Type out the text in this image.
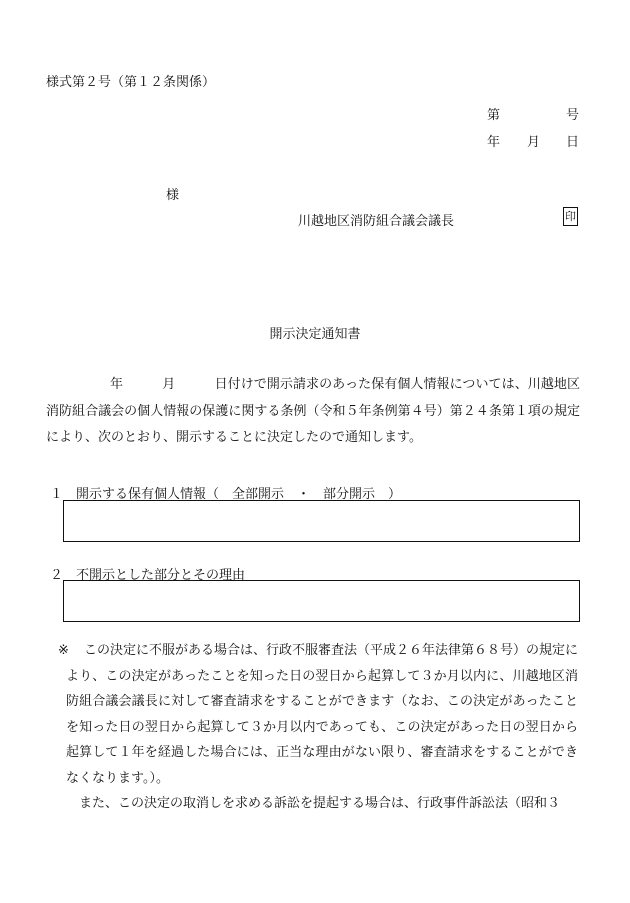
様式第２号（第１２条関係）
第	号
年 月 日
様
川越地区消防組合議会議長	印
開示決定通知書

年　　　	月　　　	日付けで開示請求のあった保有個人情報については、川越地区消防組合議会の個人情報の保護に関する条例（令和５年条例第４号）第２４条第１項の規定により、次のとおり、開示することに決定したので通知します。

１　開示する保有個人情報（　全部開示　・　部分開示　）
２　不開示とした部分とその理由
※	この決定に不服がある場合は、行政不服審査法（平成２６年法律第６８号）の規定により、この決定があったことを知った日の翌日から起算して３か月以内に、川越地区消防組合議会議長に対して審査請求をすることができます（なお、この決定があったことを知った日の翌日から起算して３か月以内であっても、この決定があった日の翌日から起算して１年を経過した場合には、正当な理由がない限り、審査請求をすることができなくなります。）。

また、この決定の取消しを求める訴訟を提起する場合は、行政事件訴訟法（昭和３
